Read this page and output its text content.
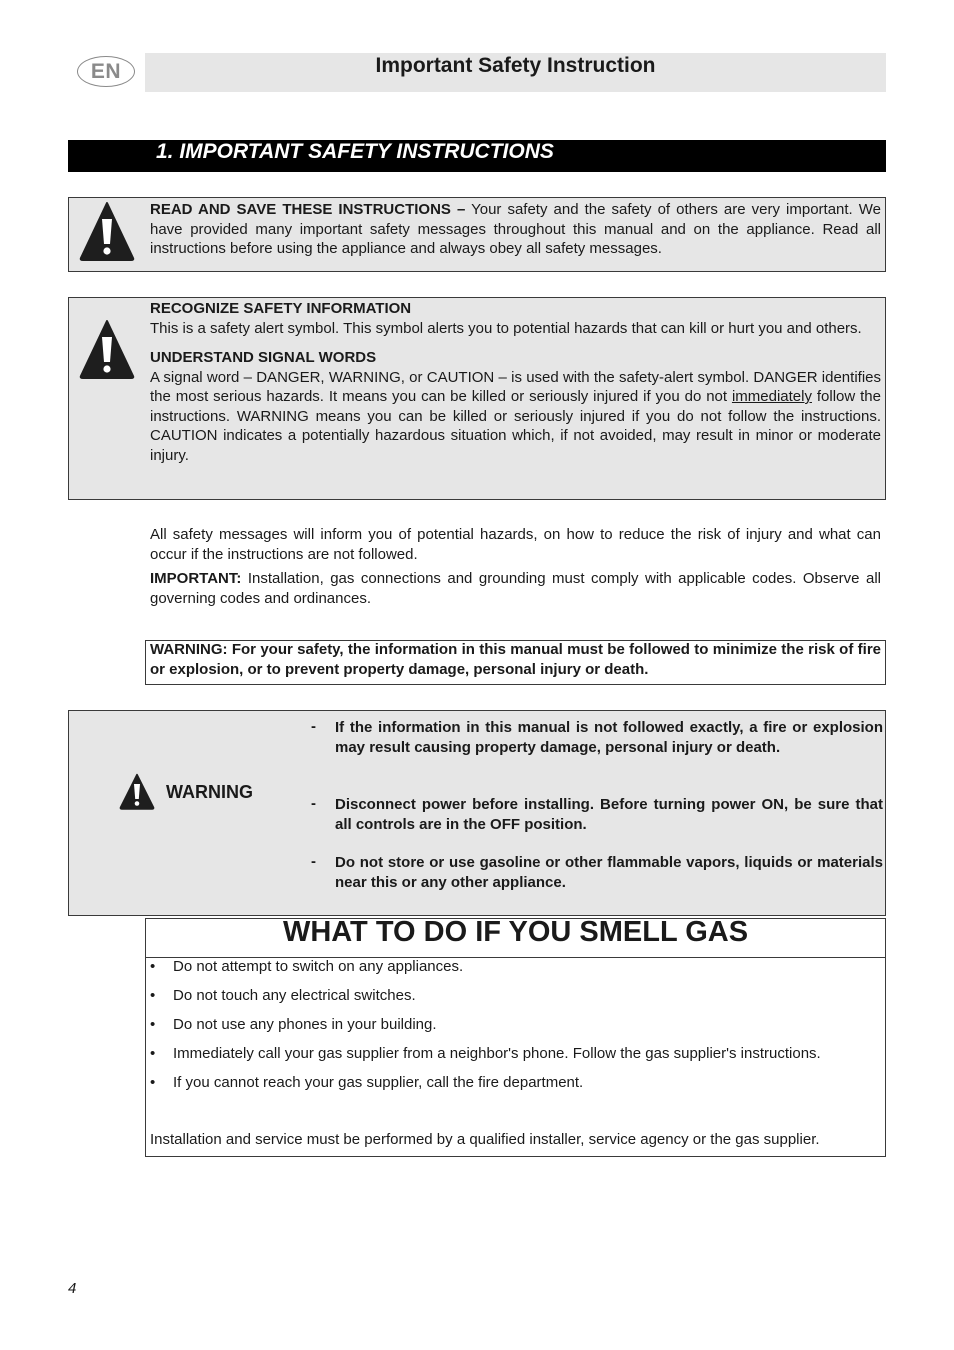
EN	Important Safety Instruction
1. IMPORTANT SAFETY INSTRUCTIONS
READ AND SAVE THESE INSTRUCTIONS – Your safety and the safety of others are very important. We have provided many important safety messages throughout this manual and on the appliance. Read all instructions before using the appliance and always obey all safety messages.
RECOGNIZE SAFETY INFORMATION
This is a safety alert symbol. This symbol alerts you to potential hazards that can kill or hurt you and others.
UNDERSTAND SIGNAL WORDS
A signal word – DANGER, WARNING, or CAUTION – is used with the safety-alert symbol. DANGER identifies the most serious hazards. It means you can be killed or seriously injured if you do not immediately follow the instructions. WARNING means you can be killed or seriously injured if you do not follow the instructions. CAUTION indicates a potentially hazardous situation which, if not avoided, may result in minor or moderate injury.
All safety messages will inform you of potential hazards, on how to reduce the risk of injury and what can occur if the instructions are not followed.
IMPORTANT: Installation, gas connections and grounding must comply with applicable codes. Observe all governing codes and ordinances.
WARNING: For your safety, the information in this manual must be followed to minimize the risk of fire or explosion, or to prevent property damage, personal injury or death.
WARNING
- If the information in this manual is not followed exactly, a fire or explosion may result causing property damage, personal injury or death.
- Disconnect power before installing. Before turning power ON, be sure that all controls are in the OFF position.
- Do not store or use gasoline or other flammable vapors, liquids or materials near this or any other appliance.
WHAT TO DO IF YOU SMELL GAS
• Do not attempt to switch on any appliances.
• Do not touch any electrical switches.
• Do not use any phones in your building.
• Immediately call your gas supplier from a neighbor's phone. Follow the gas supplier's instructions.
• If you cannot reach your gas supplier, call the fire department.
Installation and service must be performed by a qualified installer, service agency or the gas supplier.
4
